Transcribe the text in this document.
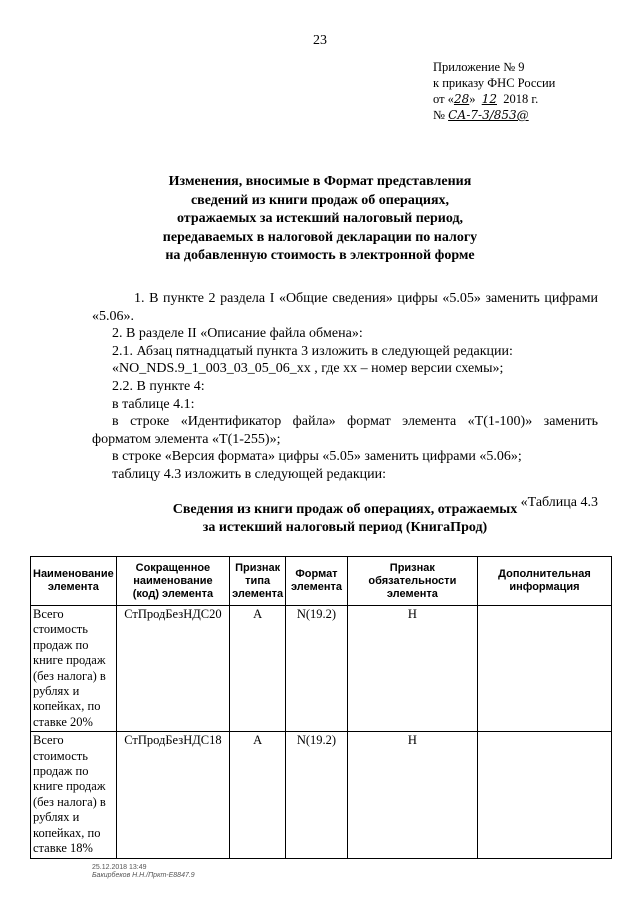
23
Приложение № 9
к приказу ФНС России
от «28» 12 2018 г.
№ СА-7-3/853@
Изменения, вносимые в Формат представления
сведений из книги продаж об операциях,
отражаемых за истекший налоговый период,
передаваемых в налоговой декларации по налогу
на добавленную стоимость в электронной форме

1. В пункте 2 раздела I «Общие сведения» цифры «5.05» заменить цифрами «5.06».

2. В разделе II «Описание файла обмена»:

2.1. Абзац пятнадцатый пункта 3 изложить в следующей редакции:

«NO_NDS.9_1_003_03_05_06_xx , где xx – номер версии схемы»;

2.2. В пункте 4:

в таблице 4.1:

в строке «Идентификатор файла» формат элемента «T(1-100)» заменить форматом элемента «T(1-255)»;

в строке «Версия формата» цифры «5.05» заменить цифрами «5.06»;

таблицу 4.3 изложить в следующей редакции:

«Таблица 4.3

Сведения из книги продаж об операциях, отражаемых
за истекший налоговый период (КнигаПрод)
Наименование элемента	Сокращенное наименование (код) элемента	Признак типа элемента	Формат элемента	Признак обязательности элемента	Дополнительная информация
Всего стоимость продаж по книге продаж (без налога) в рублях и копейках, по ставке 20%	СтПродБезНДС20	А	N(19.2)	Н	
Всего стоимость продаж по книге продаж (без налога) в рублях и копейках, по ставке 18%	СтПродБезНДС18	А	N(19.2)	Н	
25.12.2018 13:49
Бакирбеков Н.Н./Пркт-Е8847.9
